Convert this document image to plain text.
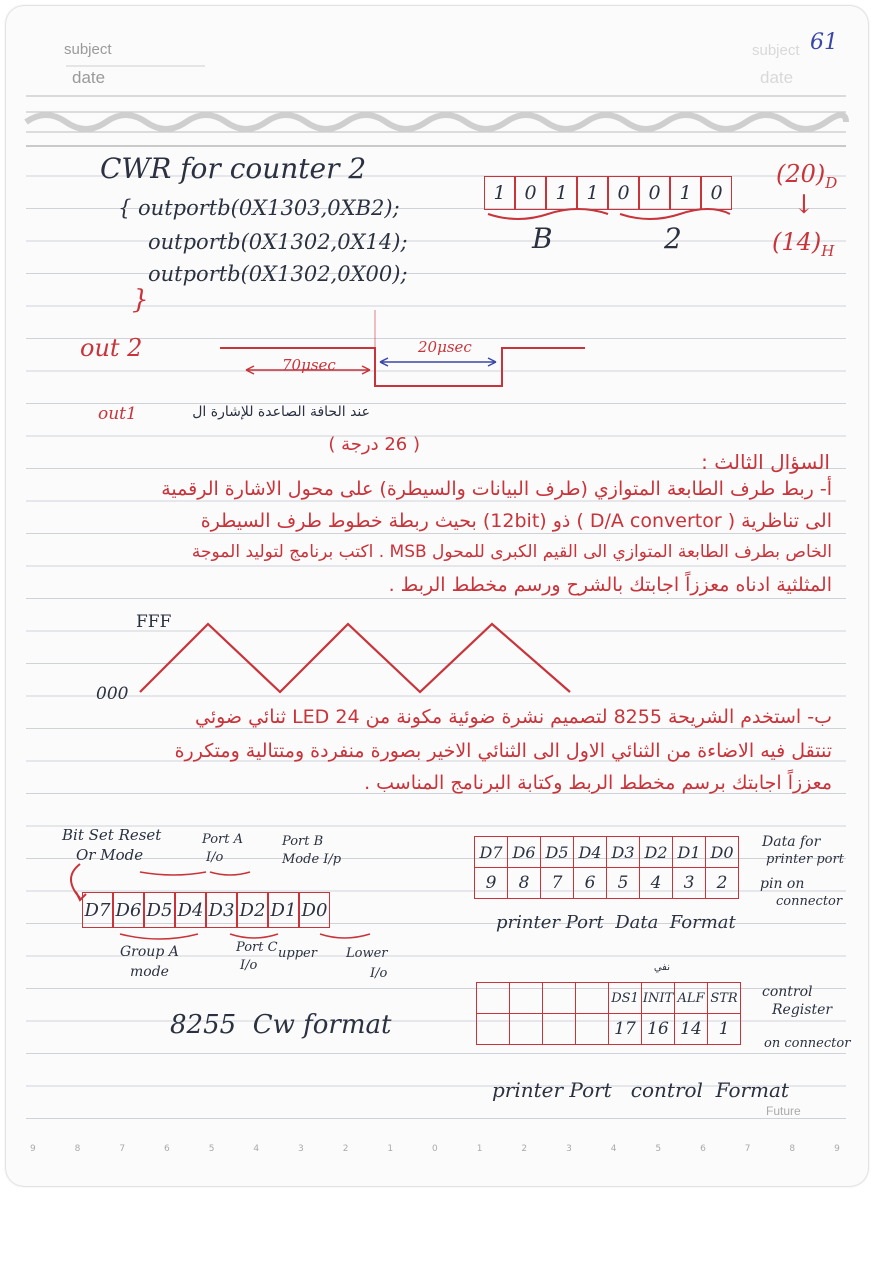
subject
date
subject
date
61
CWR for counter 2
{ outportb(0X1303,0XB2);
outportb(0X1302,0X14);
outportb(0X1302,0X00);
}
1 0 1 1 0 0 1 0
B	2
$(20)_D$
↓
$(14)_H$
out 2
70μsec
20μsec
out1	عند الحافة الصاعدة للإشارة ال
( 26 درجة )
السؤال الثالث :
أ- ربط طرف الطابعة المتوازي (طرف البيانات والسيطرة) على محول الاشارة الرقمية
الى تناظرية ( D/A convertor ) ذو (12bit) بحيث ربطة خطوط طرف السيطرة
الخاص بطرف الطابعة المتوازي الى القيم الكبرى للمحول MSB . اكتب برنامج لتوليد الموجة
المثلثية ادناه معززاً اجابتك بالشرح ورسم مخطط الربط .
FFF
000
ب- استخدم الشريحة 8255 لتصميم نشرة ضوئية مكونة من 24 LED ثنائي ضوئي
تنتقل فيه الاضاءة من الثنائي الاول الى الثنائي الاخير بصورة منفردة ومتتالية ومتكررة
معززاً اجابتك برسم مخطط الربط وكتابة البرنامج المناسب .
Bit Set Reset
Or Mode
Port A
I/o
Port B
Mode I/p
D7 D6 D5 D4 D3 D2 D1 D0
Group A
mode
Port C
I/o
upper Lower
I/o
8255  Cw format
D7	D6	D5	D4	D3	D2	D1	D0
9	8	7	6	5	4	3	2
Data for
printer port
pin on
connector
printer Port  Data  Format
نفي
				DS1	INIT	ALF	STR
				17	16	14	1
control
Register
on connector
printer Port   control  Format
9	8	7	6	5	4	3	2	1	0	1	2	3	4	5	6	7	8	9
Future
